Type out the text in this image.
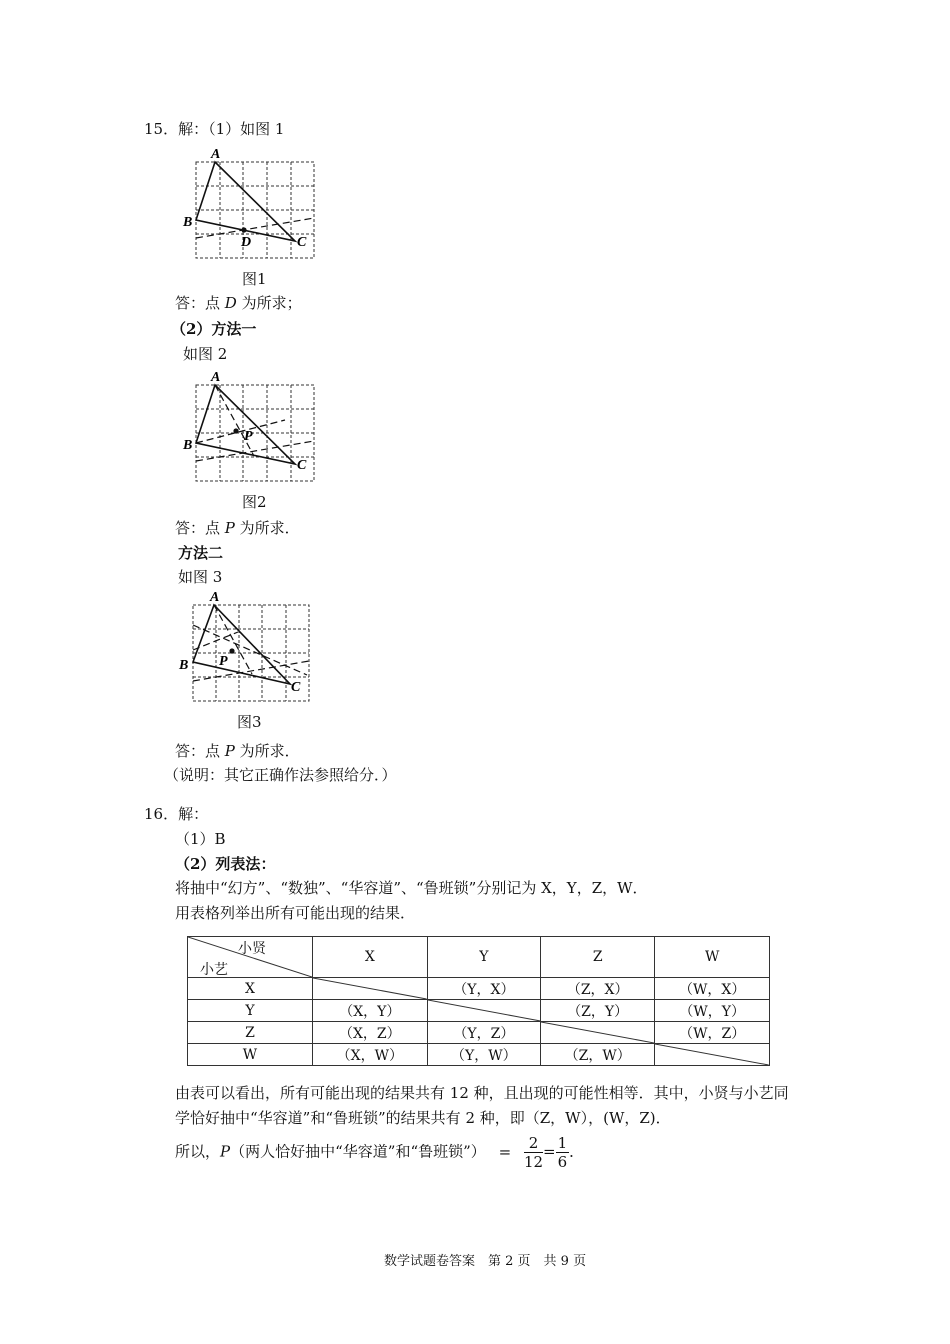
15．解：（1）如图 1
A
B
C
D
图1
答：点 D 为所求；
（2）方法一
如图 2
A
B
C
P
图2
答：点 P 为所求．
方法二
如图 3
A
B
C
P
图3
答：点 P 为所求．
（说明：其它正确作法参照给分．）
16．解：
（1）B
（2）列表法：
将抽中“幻方”、“数独”、“华容道”、“鲁班锁”分别记为 X，Y，Z，W．
用表格列举出所有可能出现的结果．
小贤
小艺	X	Y	Z	W
X		（Y，X）	（Z，X）	（W，X）
Y	（X，Y）		（Z，Y）	（W，Y）
Z	（X，Z）	（Y，Z）		（W，Z）
W	（X，W）	（Y，W）	（Z，W）	
由表可以看出，所有可能出现的结果共有 12 种，且出现的可能性相等．其中，小贤与小艺同
学恰好抽中“华容道”和“鲁班锁”的结果共有 2 种，即（Z，W），(W，Z)．
所以，P（两人恰好抽中“华容道”和“鲁班锁”） = $\frac{2}{12} = \frac{1}{6}$ ．
数学试题卷答案　第 2 页　共 9 页
